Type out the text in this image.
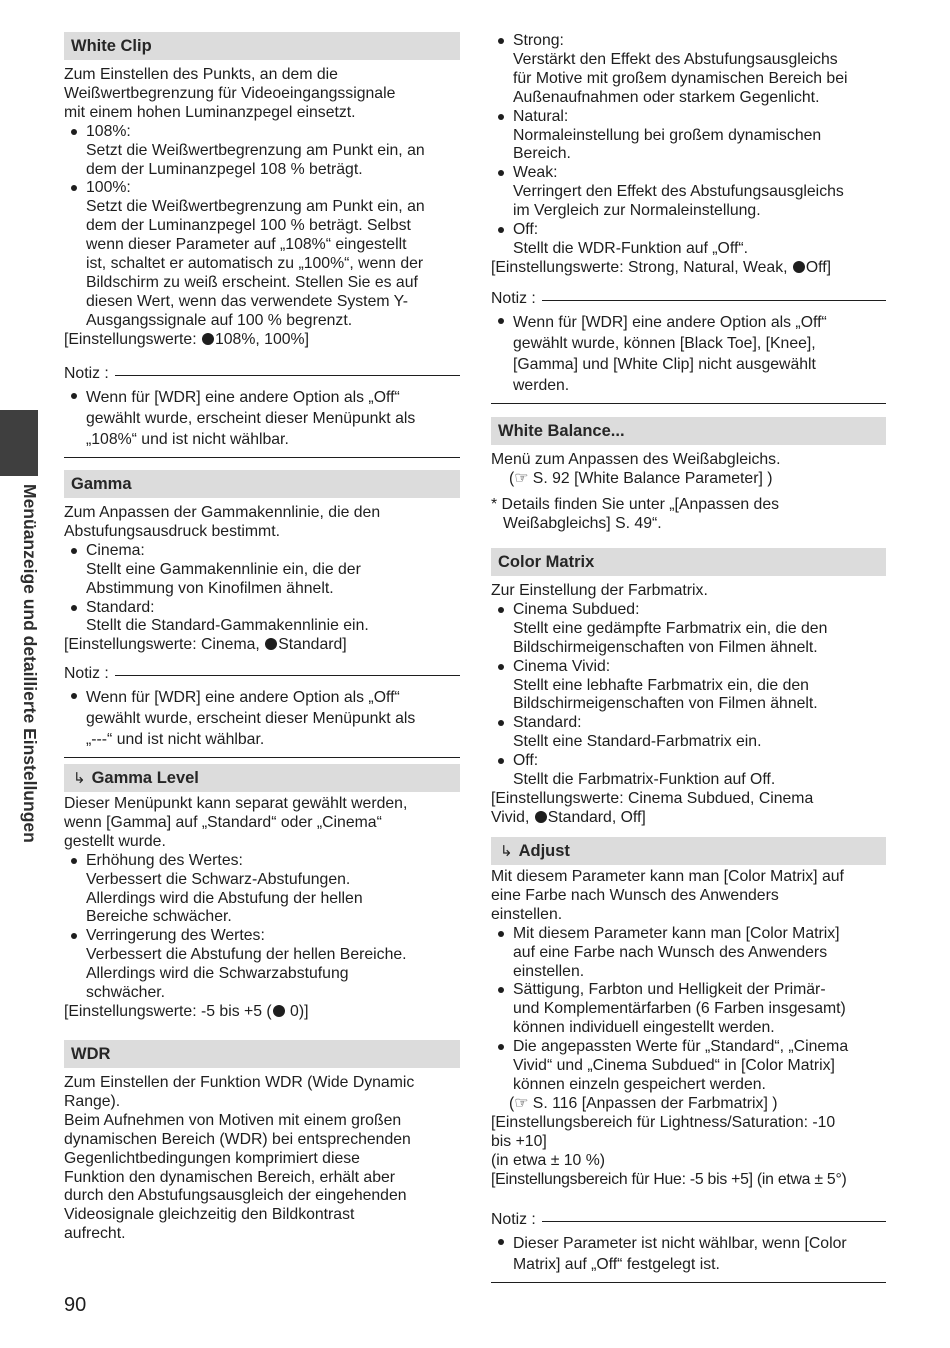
Menüanzeige und detaillierte Einstellungen
White Clip

Zum Einstellen des Punkts, an dem die

Weißwertbegrenzung für Videoeingangssignale

mit einem hohen Luminanzpegel einsetzt.

108%:

Setzt die Weißwertbegrenzung am Punkt ein, an

dem der Luminanzpegel 108 % beträgt.

100%:

Setzt die Weißwertbegrenzung am Punkt ein, an

dem der Luminanzpegel 100 % beträgt. Selbst

wenn dieser Parameter auf „108%“ eingestellt

ist, schaltet er automatisch zu „100%“, wenn der

Bildschirm zu weiß erscheint. Stellen Sie es auf

diesen Wert, wenn das verwendete System Y-

Ausgangssignale auf 100 % begrenzt.

[Einstellungswerte: 108%, 100%]

Notiz :

Wenn für [WDR] eine andere Option als „Off“

gewählt wurde, erscheint dieser Menüpunkt als

„108%“ und ist nicht wählbar.

Gamma

Zum Anpassen der Gammakennlinie, die den

Abstufungsausdruck bestimmt.

Cinema:

Stellt eine Gammakennlinie ein, die der

Abstimmung von Kinofilmen ähnelt.

Standard:

Stellt die Standard-Gammakennlinie ein.

[Einstellungswerte: Cinema, Standard]

Notiz :

Wenn für [WDR] eine andere Option als „Off“

gewählt wurde, erscheint dieser Menüpunkt als

„---“ und ist nicht wählbar.

↳ Gamma Level

Dieser Menüpunkt kann separat gewählt werden,

wenn [Gamma] auf „Standard“ oder „Cinema“

gestellt wurde.

Erhöhung des Wertes:

Verbessert die Schwarz-Abstufungen.

Allerdings wird die Abstufung der hellen

Bereiche schwächer.

Verringerung des Wertes:

Verbessert die Abstufung der hellen Bereiche.

Allerdings wird die Schwarzabstufung

schwächer.

[Einstellungswerte: -5 bis +5 ( 0)]

WDR

Zum Einstellen der Funktion WDR (Wide Dynamic

Range).

Beim Aufnehmen von Motiven mit einem großen

dynamischen Bereich (WDR) bei entsprechenden

Gegenlichtbedingungen komprimiert diese

Funktion den dynamischen Bereich, erhält aber

durch den Abstufungsausgleich der eingehenden

Videosignale gleichzeitig den Bildkontrast

aufrecht.

Strong:

Verstärkt den Effekt des Abstufungsausgleichs

für Motive mit großem dynamischen Bereich bei

Außenaufnahmen oder starkem Gegenlicht.

Natural:

Normaleinstellung bei großem dynamischen

Bereich.

Weak:

Verringert den Effekt des Abstufungsausgleichs

im Vergleich zur Normaleinstellung.

Off:

Stellt die WDR-Funktion auf „Off“.

[Einstellungswerte: Strong, Natural, Weak, Off]

Notiz :

Wenn für [WDR] eine andere Option als „Off“

gewählt wurde, können [Black Toe], [Knee],

[Gamma] und [White Clip] nicht ausgewählt

werden.

White Balance...

Menü zum Anpassen des Weißabgleichs.

(☞ S. 92 [White Balance Parameter] )

* Details finden Sie unter „[Anpassen des

Weißabgleichs] S. 49“.

Color Matrix

Zur Einstellung der Farbmatrix.

Cinema Subdued:

Stellt eine gedämpfte Farbmatrix ein, die den

Bildschirmeigenschaften von Filmen ähnelt.

Cinema Vivid:

Stellt eine lebhafte Farbmatrix ein, die den

Bildschirmeigenschaften von Filmen ähnelt.

Standard:

Stellt eine Standard-Farbmatrix ein.

Off:

Stellt die Farbmatrix-Funktion auf Off.

[Einstellungswerte: Cinema Subdued, Cinema

Vivid, Standard, Off]

↳ Adjust

Mit diesem Parameter kann man [Color Matrix] auf

eine Farbe nach Wunsch des Anwenders

einstellen.

Mit diesem Parameter kann man [Color Matrix]

auf eine Farbe nach Wunsch des Anwenders

einstellen.

Sättigung, Farbton und Helligkeit der Primär-

und Komplementärfarben (6 Farben insgesamt)

können individuell eingestellt werden.

Die angepassten Werte für „Standard“, „Cinema

Vivid“ und „Cinema Subdued“ in [Color Matrix]

können einzeln gespeichert werden.

(☞ S. 116 [Anpassen der Farbmatrix] )

[Einstellungsbereich für Lightness/Saturation: -10

bis +10]

(in etwa ± 10 %)

[Einstellungsbereich für Hue: -5 bis +5] (in etwa ± 5°)

Notiz :

Dieser Parameter ist nicht wählbar, wenn [Color

Matrix] auf „Off“ festgelegt ist.

90
